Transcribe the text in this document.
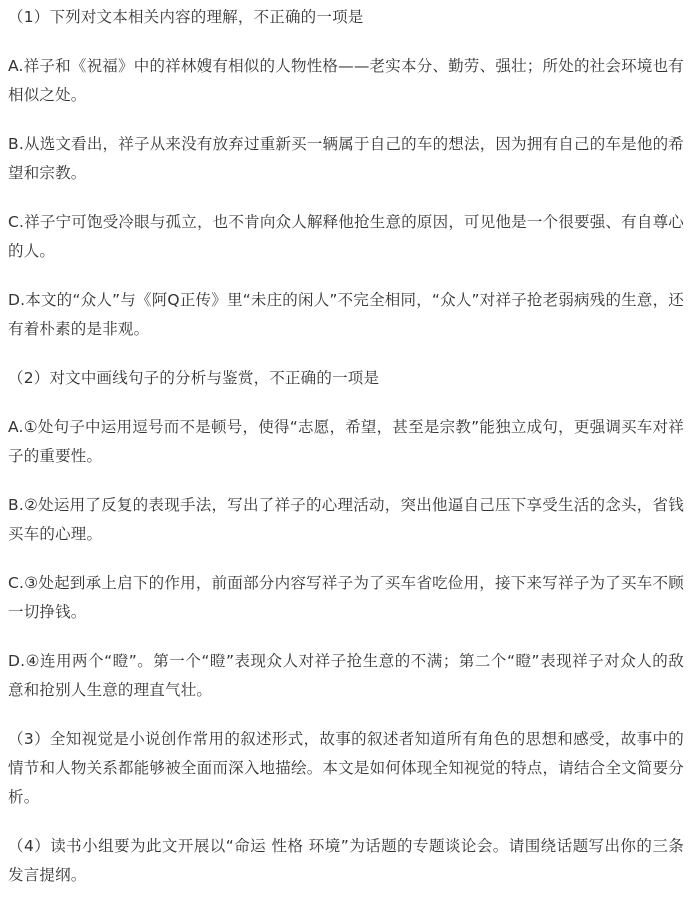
（1）下列对文本相关内容的理解，不正确的一项是

A.祥子和《祝福》中的祥林嫂有相似的人物性格——老实本分、勤劳、强壮；所处的社会环境也有相似之处。

B.从选文看出，祥子从来没有放弃过重新买一辆属于自己的车的想法，因为拥有自己的车是他的希望和宗教。

C.祥子宁可饱受冷眼与孤立，也不肯向众人解释他抢生意的原因，可见他是一个很要强、有自尊心的人。

D.本文的“众人”与《阿Q正传》里“未庄的闲人”不完全相同，“众人”对祥子抢老弱病残的生意，还有着朴素的是非观。

（2）对文中画线句子的分析与鉴赏，不正确的一项是

A.①处句子中运用逗号而不是顿号，使得“志愿，希望，甚至是宗教”能独立成句，更强调买车对祥子的重要性。

B.②处运用了反复的表现手法，写出了祥子的心理活动，突出他逼自己压下享受生活的念头，省钱买车的心理。

C.③处起到承上启下的作用，前面部分内容写祥子为了买车省吃俭用，接下来写祥子为了买车不顾一切挣钱。

D.④连用两个“瞪”。第一个“瞪”表现众人对祥子抢生意的不满；第二个“瞪”表现祥子对众人的敌意和抢别人生意的理直气壮。

（3）全知视觉是小说创作常用的叙述形式，故事的叙述者知道所有角色的思想和感受，故事中的情节和人物关系都能够被全面而深入地描绘。本文是如何体现全知视觉的特点，请结合全文简要分析。

（4）读书小组要为此文开展以“命运 性格 环境”为话题的专题谈论会。请围绕话题写出你的三条发言提纲。
